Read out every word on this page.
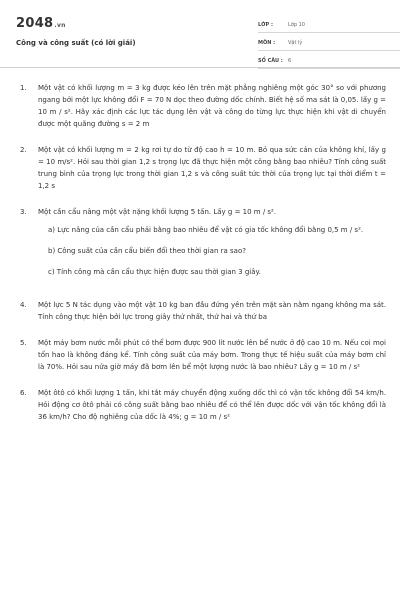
2048.vn
Công và công suất (có lời giải)
LỚP :	Lớp 10
MÔN :	Vật lý
SỐ CÂU :	6
1.	Một vật có khối lượng m = 3 kg được kéo lên trên mặt phẳng nghiêng một góc 30° so với phương ngang bởi một lực không đổi F = 70 N dọc theo đường dốc chính. Biết hệ số ma sát là 0,05. lấy g = 10 m / s². Hãy xác định các lực tác dụng lên vật và công do từng lực thực hiện khi vật di chuyển được một quãng đường s = 2 m
2.	Một vật có khối lượng m = 2 kg rơi tự do từ độ cao h = 10 m. Bỏ qua sức cản của không khí, lấy g = 10 m/s². Hỏi sau thời gian 1,2 s trọng lực đã thực hiện một công bằng bao nhiêu? Tính công suất trung bình của trọng lực trong thời gian 1,2 s và công suất tức thời của trọng lực tại thời điểm t = 1,2 s
3.	Một cần cẩu nâng một vật nặng khối lượng 5 tấn. Lấy g = 10 m / s².

a) Lực nâng của cần cẩu phải bằng bao nhiêu để vật có gia tốc không đổi bằng 0,5 m / s².
b) Công suất của cần cẩu biến đổi theo thời gian ra sao?
c) Tính công mà cần cẩu thực hiện được sau thời gian 3 giây.
4.	Một lực 5 N tác dụng vào một vật 10 kg ban đầu đứng yên trên mặt sàn nằm ngang không ma sát. Tính công thực hiện bởi lực trong giây thứ nhất, thứ hai và thứ ba
5.	Một máy bơm nước mỗi phút có thể bơm được 900 lít nước lên bể nước ở độ cao 10 m. Nếu coi mọi tổn hao là không đáng kể. Tính công suất của máy bơm. Trong thực tế hiệu suất của máy bơm chỉ là 70%. Hỏi sau nửa giờ máy đã bơm lên bể một lượng nước là bao nhiêu? Lấy g = 10 m / s²
6.	Một ôtô có khối lượng 1 tấn, khi tắt máy chuyển động xuống dốc thì có vận tốc không đổi 54 km/h. Hỏi động cơ ôtô phải có công suất bằng bao nhiêu để có thể lên được dốc với vận tốc không đổi là 36 km/h? Cho độ nghiêng của dốc là 4%; g = 10 m / s²
